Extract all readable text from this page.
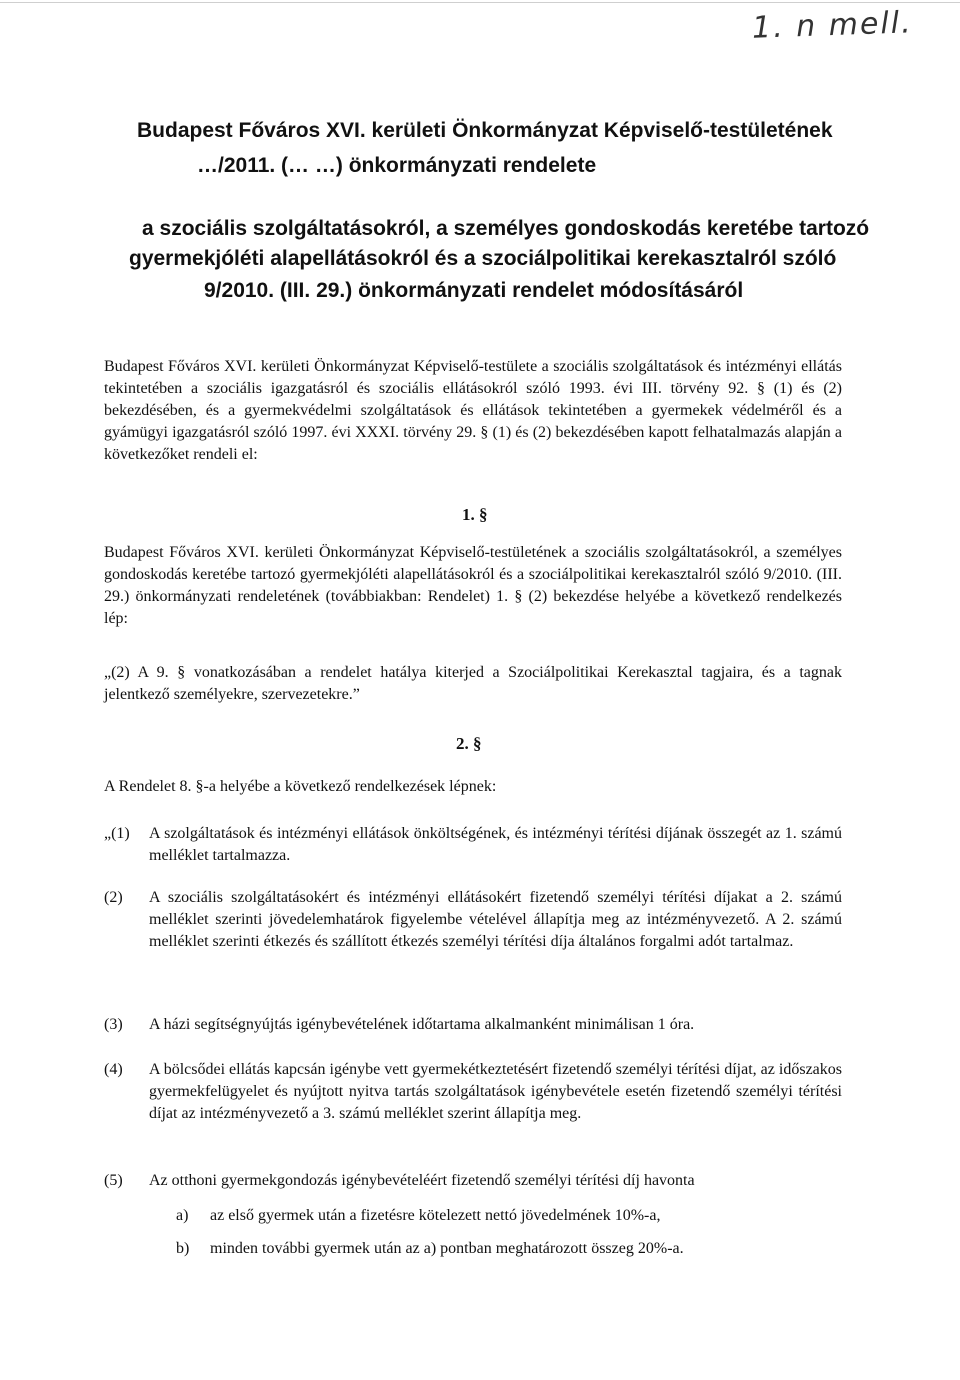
1. n mell.
Budapest Főváros XVI. kerületi Önkormányzat Képviselő-testületének
…/2011. (… …) önkormányzati rendelete
a szociális szolgáltatásokról, a személyes gondoskodás keretébe tartozó
gyermekjóléti alapellátásokról és a szociálpolitikai kerekasztalról szóló
9/2010. (III. 29.) önkormányzati rendelet módosításáról
Budapest Főváros XVI. kerületi Önkormányzat Képviselő-testülete a szociális szolgáltatások és intézményi ellátás tekintetében a szociális igazgatásról és szociális ellátásokról szóló 1993. évi III. törvény 92. § (1) és (2) bekezdésében, és a gyermekvédelmi szolgáltatások és ellátások tekintetében a gyermekek védelméről és a gyámügyi igazgatásról szóló 1997. évi XXXI. törvény 29. § (1) és (2) bekezdésében kapott felhatalmazás alapján a következőket rendeli el:
1. §
Budapest Főváros XVI. kerületi Önkormányzat Képviselő-testületének a szociális szolgáltatásokról, a személyes gondoskodás keretébe tartozó gyermekjóléti alapellátásokról és a szociálpolitikai kerekasztalról szóló 9/2010. (III. 29.) önkormányzati rendeletének (továbbiakban: Rendelet) 1. § (2) bekezdése helyébe a következő rendelkezés lép:
„(2) A 9. § vonatkozásában a rendelet hatálya kiterjed a Szociálpolitikai Kerekasztal tagjaira, és a tagnak jelentkező személyekre, szervezetekre.”
2. §
A Rendelet 8. §-a helyébe a következő rendelkezések lépnek:
„(1) A szolgáltatások és intézményi ellátások önköltségének, és intézményi térítési díjának összegét az 1. számú melléklet tartalmazza.
(2) A szociális szolgáltatásokért és intézményi ellátásokért fizetendő személyi térítési díjakat a 2. számú melléklet szerinti jövedelemhatárok figyelembe vételével állapítja meg az intézményvezető. A 2. számú melléklet szerinti étkezés és szállított étkezés személyi térítési díja általános forgalmi adót tartalmaz.
(3) A házi segítségnyújtás igénybevételének időtartama alkalmanként minimálisan 1 óra.
(4) A bölcsődei ellátás kapcsán igénybe vett gyermekétkeztetésért fizetendő személyi térítési díjat, az időszakos gyermekfelügyelet és nyújtott nyitva tartás szolgáltatások igénybevétele esetén fizetendő személyi térítési díjat az intézményvezető a 3. számú melléklet szerint állapítja meg.
(5) Az otthoni gyermekgondozás igénybevételéért fizetendő személyi térítési díj havonta
a) az első gyermek után a fizetésre kötelezett nettó jövedelmének 10%-a,
b) minden további gyermek után az a) pontban meghatározott összeg 20%-a.
